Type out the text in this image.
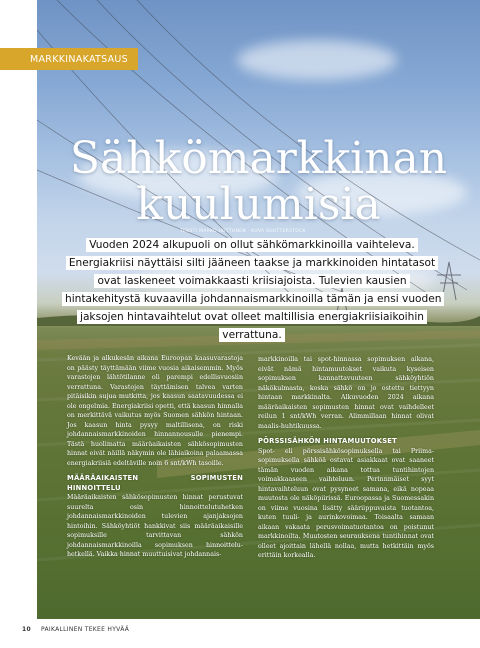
MARKKINAKATSAUS
Sähkömarkkinan
kuulumisia
TEKSTI MARKO HUTTUNEN · KUVA SHUTTERSTOCK
Vuoden 2024 alkupuoli on ollut sähkömarkkinoilla vaihteleva. Energiakriisi näyttäisi silti jääneen taakse ja markkinoiden hintatasot ovat laskeneet voimakkaasti kriisiajoista. Tulevien kausien hintakehitystä kuvaavilla johdannaismarkkinoilla tämän ja ensi vuoden jaksojen hintavaihtelut ovat olleet maltillisia energiakriisiaikoihin verrattuna.

Kevään ja alkukesän aikana Euroopan kaasuvarastoja on päästy täyttämään viime vuosia aikaisemmin. Myös varastojen lähtötilanne oli parempi edellisvuosiin verrattuna. Varastojen täyttämisen talvea varten pitäisikin sujua mutkitta, jos kaasun saatavuudessa ei ole ongelmia. Energiakriisi opetti, että kaasun hinnalla on merkittävä vaikutus myös Suomen sähkön hintaan. Jos kaasun hinta pysyy maltillisena, on riski johdannaismarkkinoiden hinnannousulle pienempi. Tästä huolimatta määräaikaisten sähkösopimusten hinnat eivät näillä näkymin ole lähiaikoina palaamassa energiakriisiä edeltäville noin 6 snt/kWh tasoille.

MÄÄRÄAIKAISTEN SOPIMUSTEN HINNOITTELU

Määräaikaisten sähkösopimusten hinnat perustuvat suurelta osin hinnoittelutuhetken johdannaismarkkinoiden tulevien ajanjaksojen hintoihin. Sähköyhtiöt hankkivat siis määräaikaisille sopimuksille tarvittavan sähkön johdannaismarkkinoilla sopimuksen hinnoitteluhetkellä. Vaikka hinnat muuttuisivat johdannais-

markkinoilla tai spot-hinnassa sopimuksen aikana, eivät nämä hintamuutokset vaikuta kyseisen sopimuksen kannattavuuteen sähköyhtiön näkökulmasta, koska sähkö on jo ostettu tiettyyn hintaan markkinalta. Alkuvuoden 2024 aikana määräaikaisten sopimusten hinnat ovat vaihdelleet reilun 1 snt/kWh verran. Alimmillaan hinnat olivat maalis-huhtikuussa.

PÖRSSISÄHKÖN HINTAMUUTOKSET

Spot- eli pörssisähkösopimuksella tai Priima-sopimuksella sähköä ostavat asiakkaat ovat saaneet tämän vuoden aikana tottua tuntihintojen voimakkaaseen vaihteluun. Perinnmäiset syyt hintavaihteluun ovat pysyneet samana, eikä nopeaa muutosta ole näköpiirissä. Euroopassa ja Suomessakin on viime vuosina lisätty sääriippuvaista tuotantoa, kuten tuuli- ja aurinkovoimaa. Toisaalta samaan aikaan vakaata perusvoimatuotantoa on poistunut markkinoilta. Muutosten seurauksena tuntihinnat ovat olleet ajoittain lähellä nollaa, mutta hetkittäin myös erittäin korkealla.

10 PAIKALLINEN TEKEE HYVÄÄ
